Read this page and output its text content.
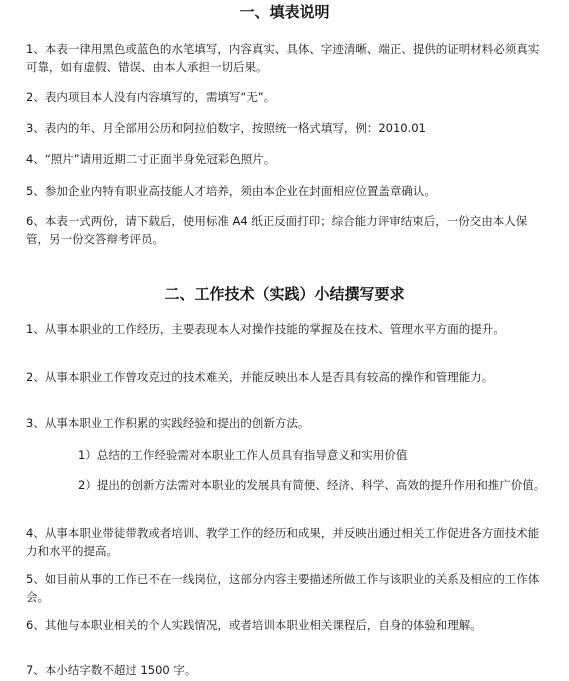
一、填表说明

1、本表一律用黑色或蓝色的水笔填写，内容真实、具体、字迹清晰、端正、提供的证明材料必须真实可靠，如有虚假、错误、由本人承担一切后果。

2、表内项目本人没有内容填写的，需填写“无”。

3、表内的年、月全部用公历和阿拉伯数字，按照统一格式填写，例：2010.01

4、“照片”请用近期二寸正面半身免冠彩色照片。

5、参加企业内特有职业高技能人才培养，须由本企业在封面相应位置盖章确认。

6、本表一式两份，请下载后，使用标准 A4 纸正反面打印；综合能力评审结束后，一份交由本人保管，另一份交答辩考评员。

二、工作技术（实践）小结撰写要求

1、从事本职业的工作经历，主要表现本人对操作技能的掌握及在技术、管理水平方面的提升。

2、从事本职业工作曾攻克过的技术难关，并能反映出本人是否具有较高的操作和管理能力。

3、从事本职业工作积累的实践经验和提出的创新方法。

1）总结的工作经验需对本职业工作人员具有指导意义和实用价值

2）提出的创新方法需对本职业的发展具有简便、经济、科学、高效的提升作用和推广价值。

4、从事本职业带徒带教或者培训、教学工作的经历和成果，并反映出通过相关工作促进各方面技术能力和水平的提高。

5、如目前从事的工作已不在一线岗位，这部分内容主要描述所做工作与该职业的关系及相应的工作体会。

6、其他与本职业相关的个人实践情况，或者培训本职业相关课程后，自身的体验和理解。

7、本小结字数不超过 1500 字。
